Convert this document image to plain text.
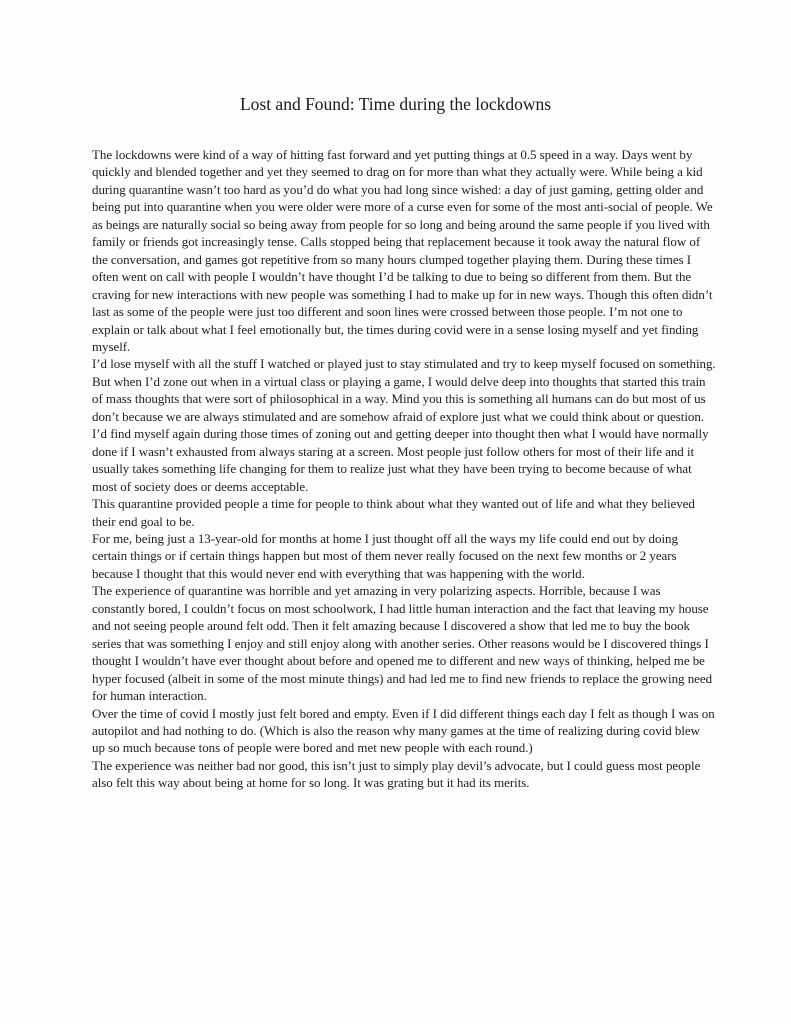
Lost and Found: Time during the lockdowns

The lockdowns were kind of a way of hitting fast forward and yet putting things at 0.5 speed in a way. Days went by quickly and blended together and yet they seemed to drag on for more than what they actually were. While being a kid during quarantine wasn’t too hard as you’d do what you had long since wished: a day of just gaming, getting older and being put into quarantine when you were older were more of a curse even for some of the most anti-social of people. We as beings are naturally social so being away from people for so long and being around the same people if you lived with family or friends got increasingly tense. Calls stopped being that replacement because it took away the natural flow of the conversation, and games got repetitive from so many hours clumped together playing them. During these times I often went on call with people I wouldn’t have thought I’d be talking to due to being so different from them. But the craving for new interactions with new people was something I had to make up for in new ways. Though this often didn’t last as some of the people were just too different and soon lines were crossed between those people. I’m not one to explain or talk about what I feel emotionally but, the times during covid were in a sense losing myself and yet finding myself.

I’d lose myself with all the stuff I watched or played just to stay stimulated and try to keep myself focused on something. But when I’d zone out when in a virtual class or playing a game, I would delve deep into thoughts that started this train of mass thoughts that were sort of philosophical in a way. Mind you this is something all humans can do but most of us don’t because we are always stimulated and are somehow afraid of explore just what we could think about or question. I’d find myself again during those times of zoning out and getting deeper into thought then what I would have normally done if I wasn’t exhausted from always staring at a screen. Most people just follow others for most of their life and it usually takes something life changing for them to realize just what they have been trying to become because of what most of society does or deems acceptable.

This quarantine provided people a time for people to think about what they wanted out of life and what they believed their end goal to be.

For me, being just a 13-year-old for months at home I just thought off all the ways my life could end out by doing certain things or if certain things happen but most of them never really focused on the next few months or 2 years because I thought that this would never end with everything that was happening with the world.

The experience of quarantine was horrible and yet amazing in very polarizing aspects. Horrible, because I was constantly bored, I couldn’t focus on most schoolwork, I had little human interaction and the fact that leaving my house and not seeing people around felt odd. Then it felt amazing because I discovered a show that led me to buy the book series that was something I enjoy and still enjoy along with another series. Other reasons would be I discovered things I thought I wouldn’t have ever thought about before and opened me to different and new ways of thinking, helped me be hyper focused (albeit in some of the most minute things) and had led me to find new friends to replace the growing need for human interaction.

Over the time of covid I mostly just felt bored and empty. Even if I did different things each day I felt as though I was on autopilot and had nothing to do. (Which is also the reason why many games at the time of realizing during covid blew up so much because tons of people were bored and met new people with each round.)

The experience was neither bad nor good, this isn’t just to simply play devil’s advocate, but I could guess most people also felt this way about being at home for so long. It was grating but it had its merits.
